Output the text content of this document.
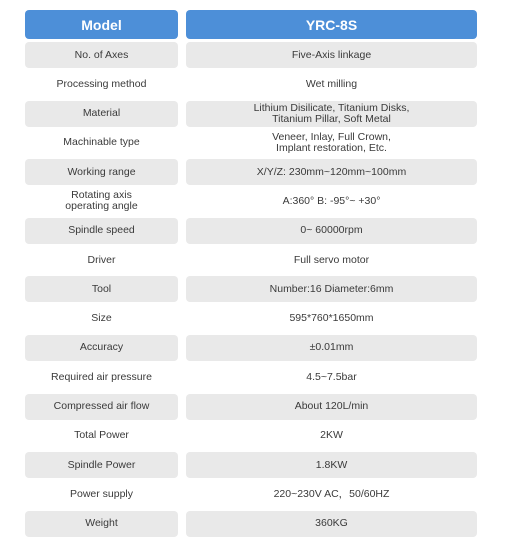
Model	YRC-8S
No. of Axes	Five-Axis linkage
Processing method	Wet milling
Material	Lithium Disilicate, Titanium Disks,
Titanium Pillar, Soft Metal
Machinable type	Veneer, Inlay, Full Crown,
Implant restoration, Etc.
Working range	X/Y/Z: 230mm~120mm~100mm
Rotating axis
operating angle	A:360° B: -95°~ +30°
Spindle speed	0~ 60000rpm
Driver	Full servo motor
Tool	Number:16 Diameter:6mm
Size	595*760*1650mm
Accuracy	±0.01mm
Required air pressure	4.5~7.5bar
Compressed air flow	About 120L/min
Total Power	2KW
Spindle Power	1.8KW
Power supply	220~230V AC，50/60HZ
Weight	360KG
